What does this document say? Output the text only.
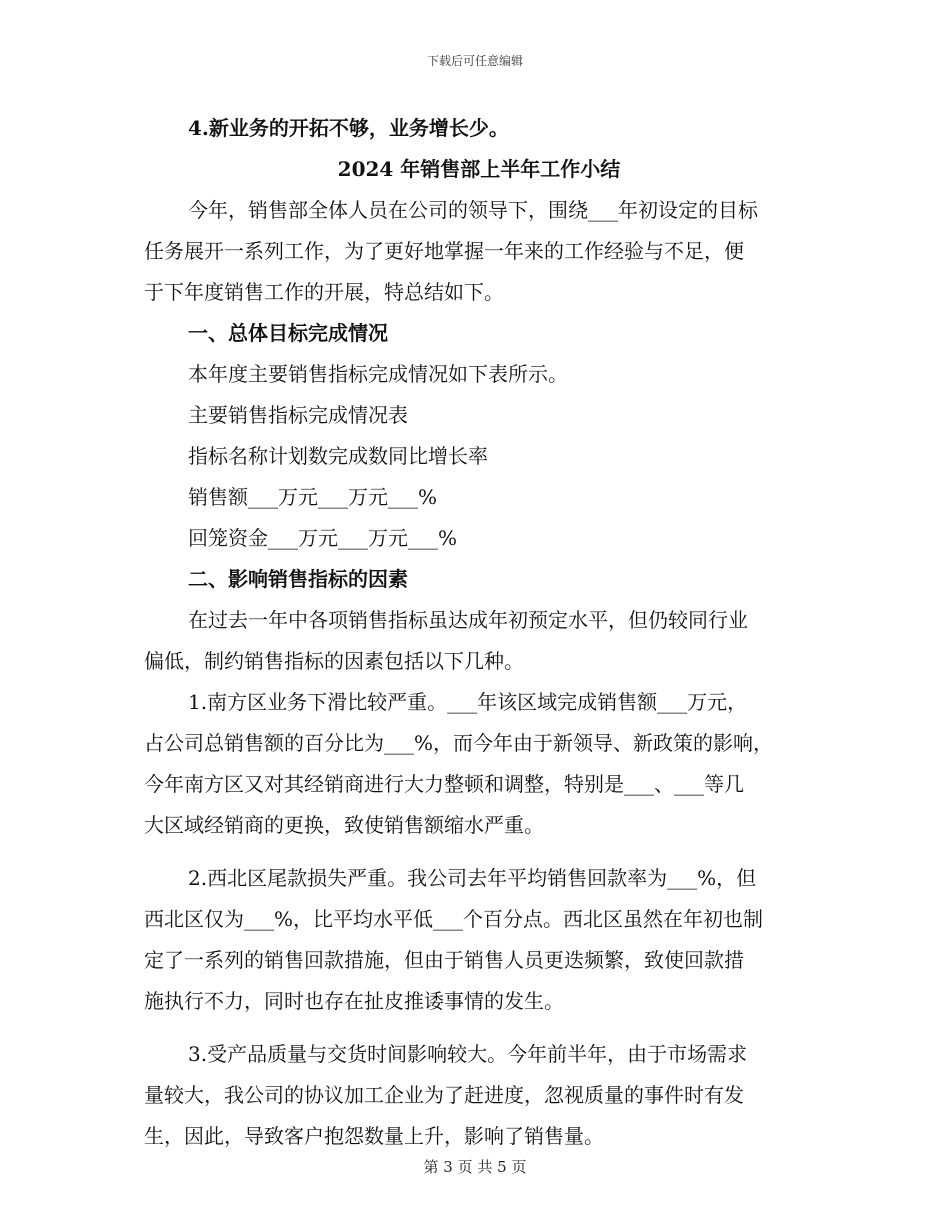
下载后可任意编辑
4.新业务的开拓不够，业务增长少。
2024 年销售部上半年工作小结
今年，销售部全体人员在公司的领导下，围绕___年初设定的目标
任务展开一系列工作，为了更好地掌握一年来的工作经验与不足，便
于下年度销售工作的开展，特总结如下。
一、总体目标完成情况
本年度主要销售指标完成情况如下表所示。
主要销售指标完成情况表
指标名称计划数完成数同比增长率
销售额___万元___万元___%
回笼资金___万元___万元___%
二、影响销售指标的因素
在过去一年中各项销售指标虽达成年初预定水平，但仍较同行业
偏低，制约销售指标的因素包括以下几种。
1.南方区业务下滑比较严重。___年该区域完成销售额___万元，
占公司总销售额的百分比为___%，而今年由于新领导、新政策的影响，
今年南方区又对其经销商进行大力整顿和调整，特别是___、___等几
大区域经销商的更换，致使销售额缩水严重。
2.西北区尾款损失严重。我公司去年平均销售回款率为___%，但
西北区仅为___%，比平均水平低___个百分点。西北区虽然在年初也制
定了一系列的销售回款措施，但由于销售人员更迭频繁，致使回款措
施执行不力，同时也存在扯皮推诿事情的发生。
3.受产品质量与交货时间影响较大。今年前半年，由于市场需求
量较大，我公司的协议加工企业为了赶进度，忽视质量的事件时有发
生，因此，导致客户抱怨数量上升，影响了销售量。
第 3 页 共 5 页
